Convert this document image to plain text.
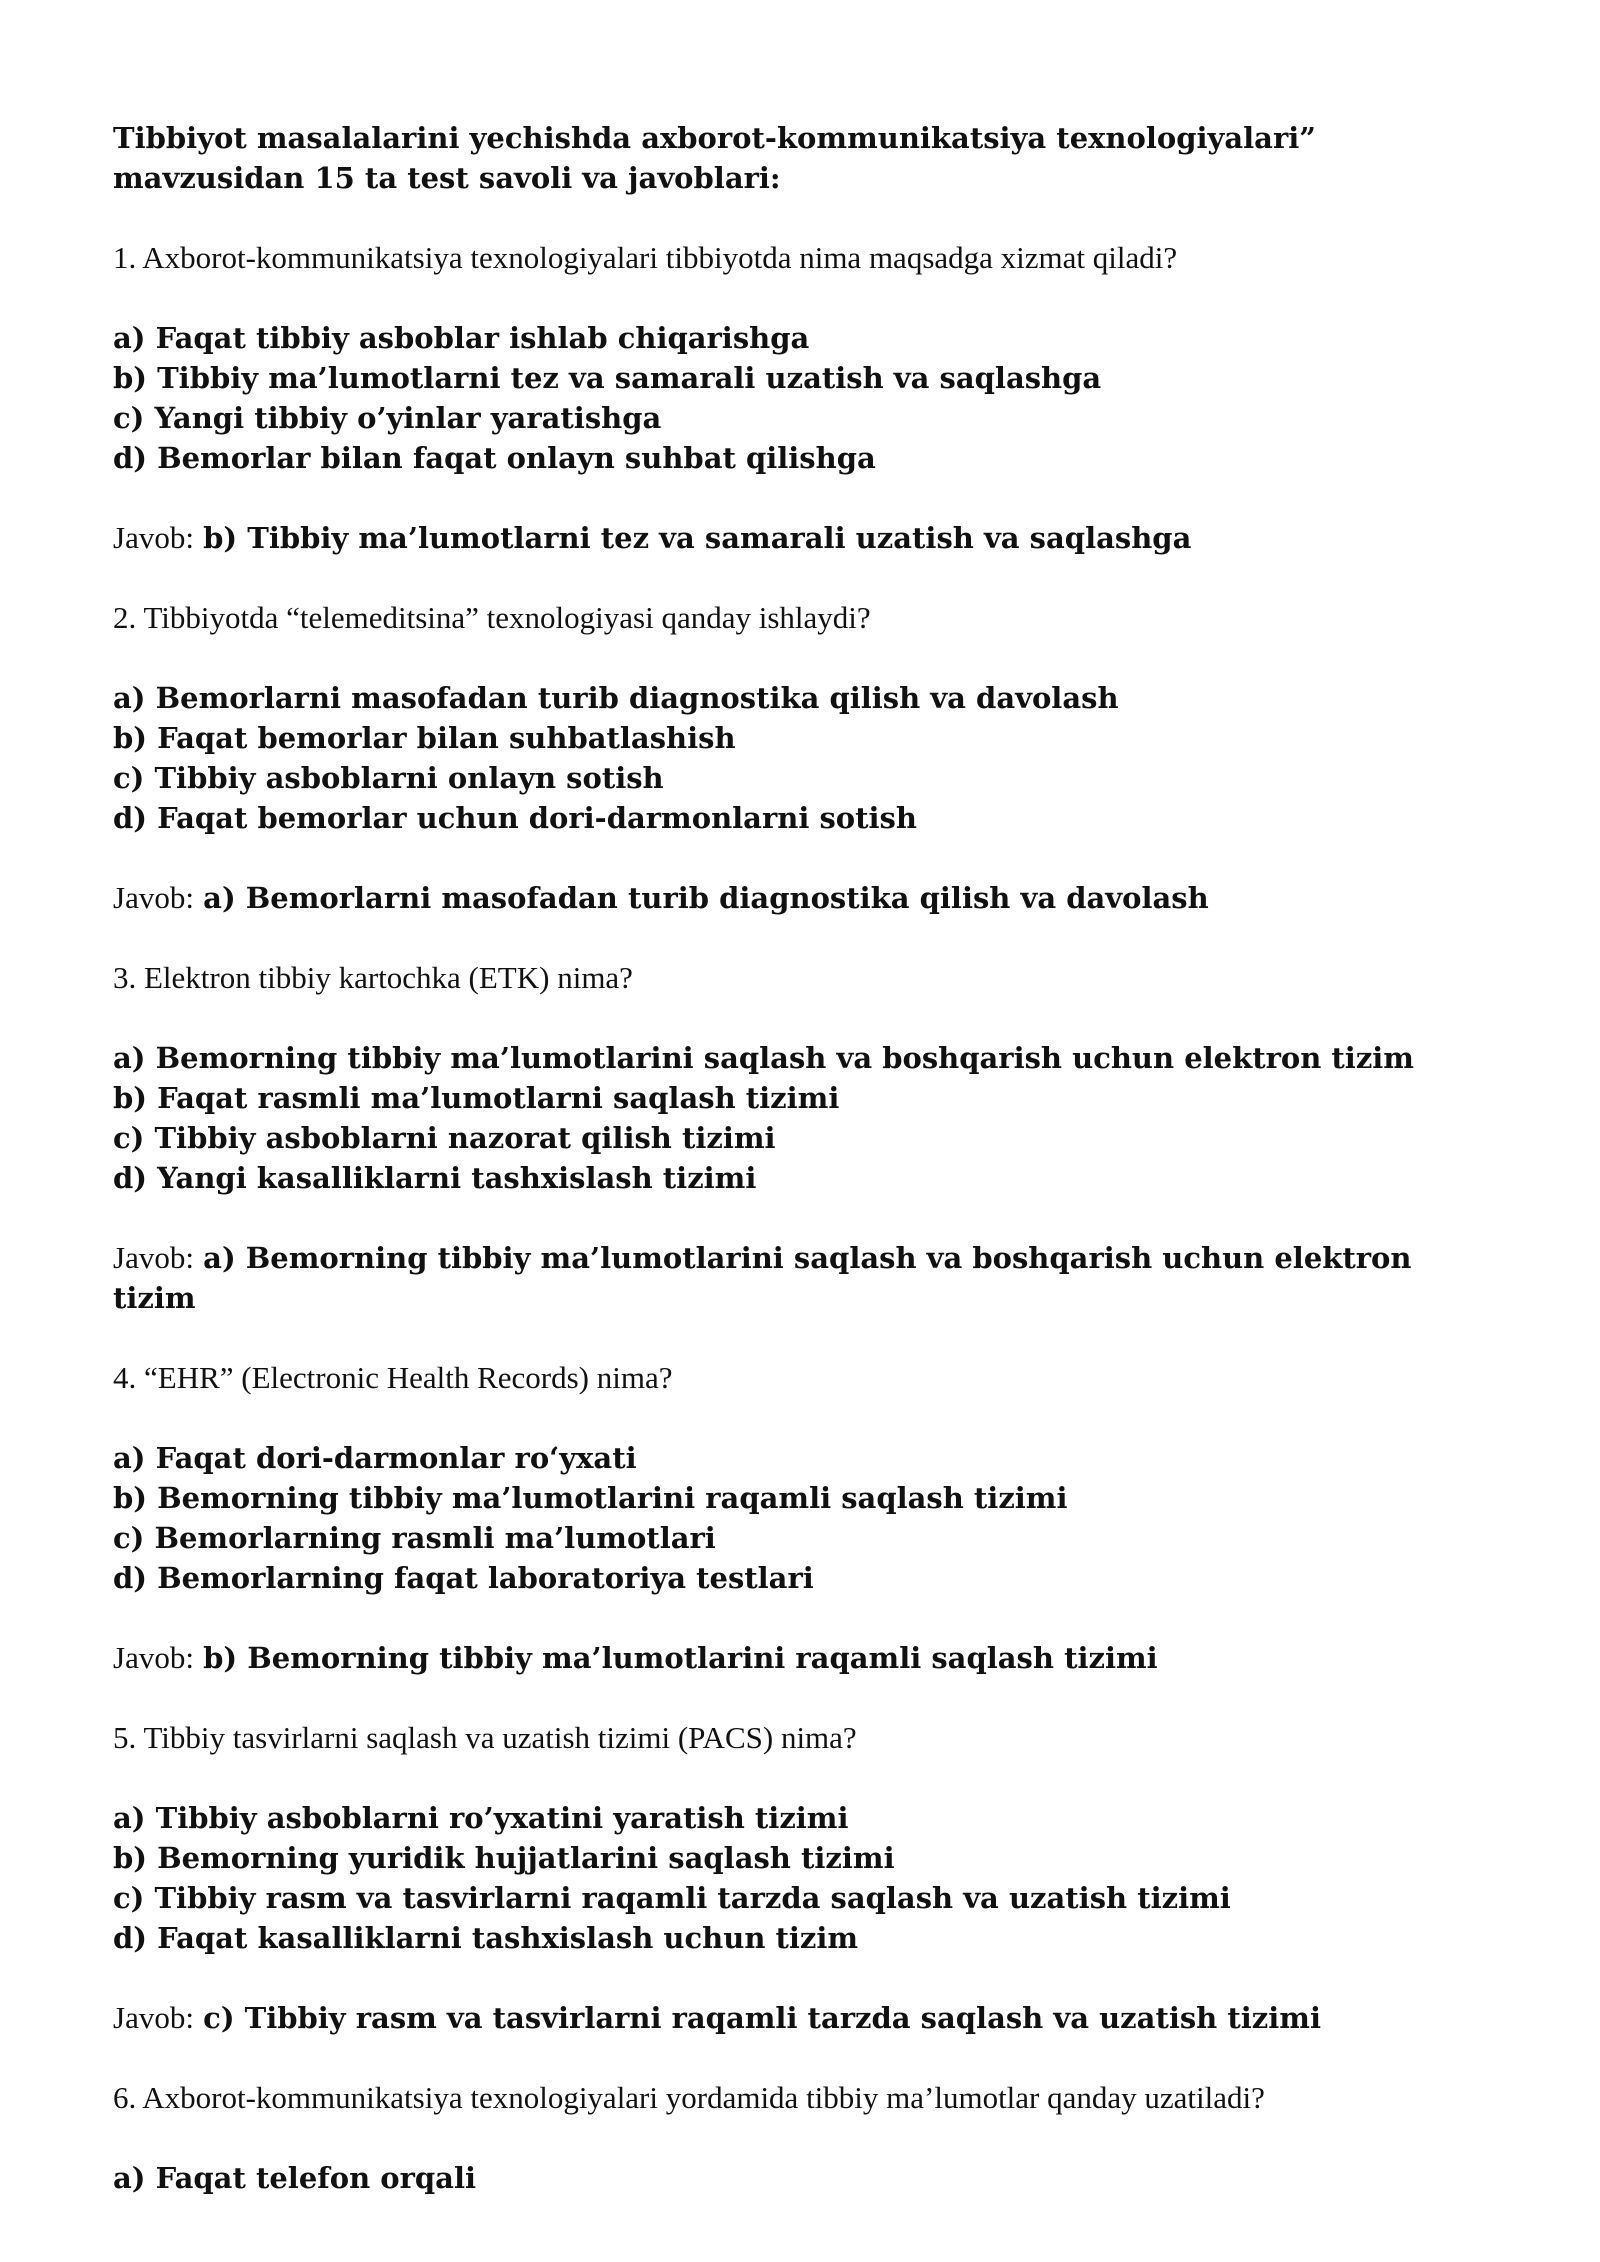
Tibbiyot masalalarini yechishda axborot-kommunikatsiya texnologiyalari” mavzusidan 15 ta test savoli va javoblari:
1. Axborot-kommunikatsiya texnologiyalari tibbiyotda nima maqsadga xizmat qiladi?
a) Faqat tibbiy asboblar ishlab chiqarishga
b) Tibbiy ma’lumotlarni tez va samarali uzatish va saqlashga
c) Yangi tibbiy o’yinlar yaratishga
d) Bemorlar bilan faqat onlayn suhbat qilishga
Javob: b) Tibbiy ma’lumotlarni tez va samarali uzatish va saqlashga
2. Tibbiyotda “telemeditsina” texnologiyasi qanday ishlaydi?
a) Bemorlarni masofadan turib diagnostika qilish va davolash
b) Faqat bemorlar bilan suhbatlashish
c) Tibbiy asboblarni onlayn sotish
d) Faqat bemorlar uchun dori-darmonlarni sotish
Javob: a) Bemorlarni masofadan turib diagnostika qilish va davolash
3. Elektron tibbiy kartochka (ETK) nima?
a) Bemorning tibbiy ma’lumotlarini saqlash va boshqarish uchun elektron tizim
b) Faqat rasmli ma’lumotlarni saqlash tizimi
c) Tibbiy asboblarni nazorat qilish tizimi
d) Yangi kasalliklarni tashxislash tizimi
Javob: a) Bemorning tibbiy ma’lumotlarini saqlash va boshqarish uchun elektron tizim
4. “EHR” (Electronic Health Records) nima?
a) Faqat dori-darmonlar ro‘yxati
b) Bemorning tibbiy ma’lumotlarini raqamli saqlash tizimi
c) Bemorlarning rasmli ma’lumotlari
d) Bemorlarning faqat laboratoriya testlari
Javob: b) Bemorning tibbiy ma’lumotlarini raqamli saqlash tizimi
5. Tibbiy tasvirlarni saqlash va uzatish tizimi (PACS) nima?
a) Tibbiy asboblarni ro’yxatini yaratish tizimi
b) Bemorning yuridik hujjatlarini saqlash tizimi
c) Tibbiy rasm va tasvirlarni raqamli tarzda saqlash va uzatish tizimi
d) Faqat kasalliklarni tashxislash uchun tizim
Javob: c) Tibbiy rasm va tasvirlarni raqamli tarzda saqlash va uzatish tizimi
6. Axborot-kommunikatsiya texnologiyalari yordamida tibbiy ma’lumotlar qanday uzatiladi?
a) Faqat telefon orqali
